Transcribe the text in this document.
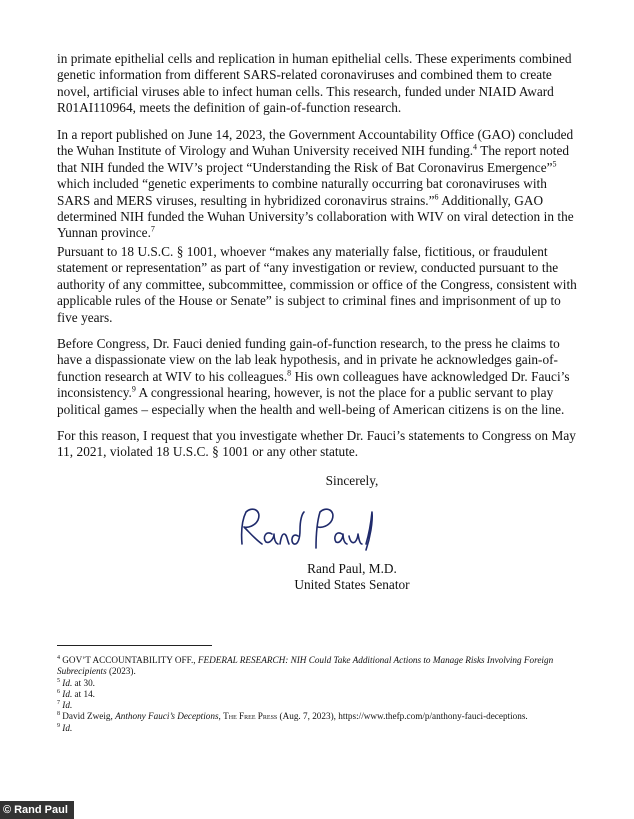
in primate epithelial cells and replication in human epithelial cells. These experiments combined genetic information from different SARS-related coronaviruses and combined them to create novel, artificial viruses able to infect human cells. This research, funded under NIAID Award R01AI110964, meets the definition of gain-of-function research.

In a report published on June 14, 2023, the Government Accountability Office (GAO) concluded the Wuhan Institute of Virology and Wuhan University received NIH funding.$^4$ The report noted that NIH funded the WIV’s project “Understanding the Risk of Bat Coronavirus Emergence”$^5$ which included “genetic experiments to combine naturally occurring bat coronaviruses with SARS and MERS viruses, resulting in hybridized coronavirus strains.”$^6$ Additionally, GAO determined NIH funded the Wuhan University’s collaboration with WIV on viral detection in the Yunnan province.$^7$

Pursuant to 18 U.S.C. § 1001, whoever “makes any materially false, fictitious, or fraudulent statement or representation” as part of “any investigation or review, conducted pursuant to the authority of any committee, subcommittee, commission or office of the Congress, consistent with applicable rules of the House or Senate” is subject to criminal fines and imprisonment of up to five years.

Before Congress, Dr. Fauci denied funding gain-of-function research, to the press he claims to have a dispassionate view on the lab leak hypothesis, and in private he acknowledges gain-of-function research at WIV to his colleagues.$^8$ His own colleagues have acknowledged Dr. Fauci’s inconsistency.$^9$ A congressional hearing, however, is not the place for a public servant to play political games – especially when the health and well-being of American citizens is on the line.

For this reason, I request that you investigate whether Dr. Fauci’s statements to Congress on May 11, 2021, violated 18 U.S.C. § 1001 or any other statute.

Sincerely,
Rand Paul, M.D.
United States Senator

$^4$ GOV’T ACCOUNTABILITY OFF., FEDERAL RESEARCH: NIH Could Take Additional Actions to Manage Risks Involving Foreign Subrecipients (2023).

$^5$ Id. at 30.

$^6$ Id. at 14.

$^7$ Id.

$^8$ David Zweig, Anthony Fauci’s Deceptions, The Free Press (Aug. 7, 2023), https://www.thefp.com/p/anthony-fauci-deceptions.

$^9$ Id.

© Rand Paul
